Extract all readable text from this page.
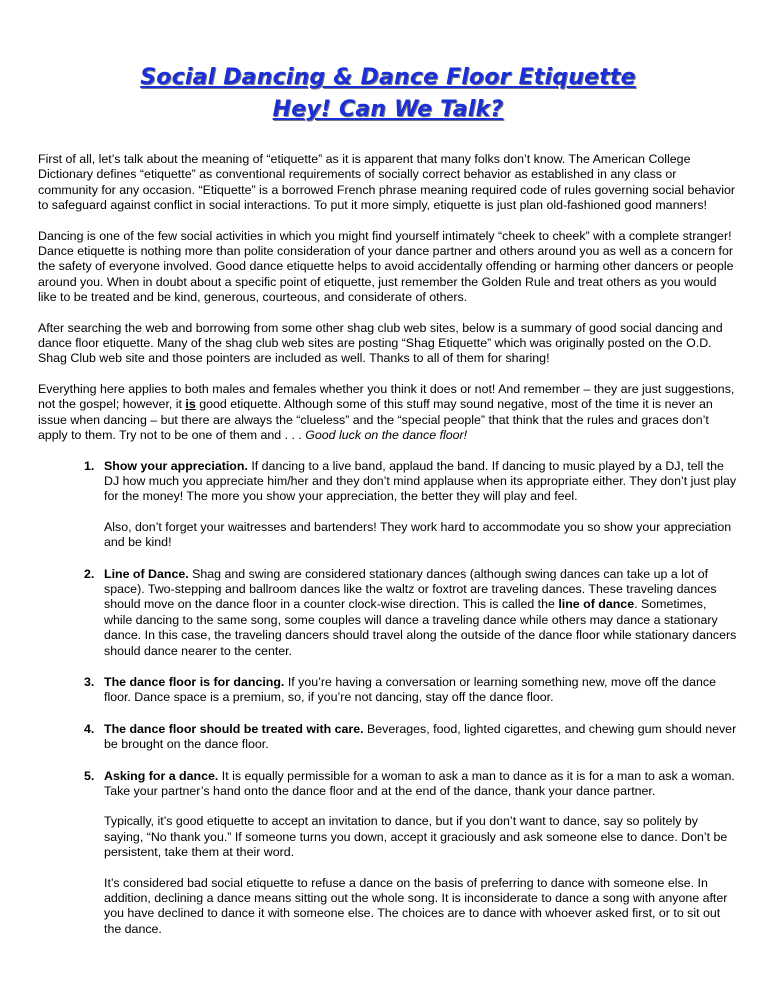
Social Dancing & Dance Floor Etiquette
Hey! Can We Talk?

First of all, let’s talk about the meaning of “etiquette” as it is apparent that many folks don’t know. The American College Dictionary defines “etiquette” as conventional requirements of socially correct behavior as established in any class or community for any occasion. “Etiquette” is a borrowed French phrase meaning required code of rules governing social behavior to safeguard against conflict in social interactions. To put it more simply, etiquette is just plan old-fashioned good manners!

Dancing is one of the few social activities in which you might find yourself intimately “cheek to cheek” with a complete stranger! Dance etiquette is nothing more than polite consideration of your dance partner and others around you as well as a concern for the safety of everyone involved. Good dance etiquette helps to avoid accidentally offending or harming other dancers or people around you. When in doubt about a specific point of etiquette, just remember the Golden Rule and treat others as you would like to be treated and be kind, generous, courteous, and considerate of others.

After searching the web and borrowing from some other shag club web sites, below is a summary of good social dancing and dance floor etiquette. Many of the shag club web sites are posting “Shag Etiquette” which was originally posted on the O.D. Shag Club web site and those pointers are included as well. Thanks to all of them for sharing!

Everything here applies to both males and females whether you think it does or not! And remember – they are just suggestions, not the gospel; however, it is good etiquette. Although some of this stuff may sound negative, most of the time it is never an issue when dancing – but there are always the “clueless” and the “special people” that think that the rules and graces don’t apply to them. Try not to be one of them and . . . Good luck on the dance floor!

1. Show your appreciation. If dancing to a live band, applaud the band. If dancing to music played by a DJ, tell the DJ how much you appreciate him/her and they don’t mind applause when its appropriate either. They don’t just play for the money! The more you show your appreciation, the better they will play and feel.

Also, don’t forget your waitresses and bartenders! They work hard to accommodate you so show your appreciation and be kind!

2. Line of Dance. Shag and swing are considered stationary dances (although swing dances can take up a lot of space). Two-stepping and ballroom dances like the waltz or foxtrot are traveling dances. These traveling dances should move on the dance floor in a counter clock-wise direction. This is called the line of dance. Sometimes, while dancing to the same song, some couples will dance a traveling dance while others may dance a stationary dance. In this case, the traveling dancers should travel along the outside of the dance floor while stationary dancers should dance nearer to the center.

3. The dance floor is for dancing. If you’re having a conversation or learning something new, move off the dance floor. Dance space is a premium, so, if you’re not dancing, stay off the dance floor.

4. The dance floor should be treated with care. Beverages, food, lighted cigarettes, and chewing gum should never be brought on the dance floor.

5. Asking for a dance. It is equally permissible for a woman to ask a man to dance as it is for a man to ask a woman. Take your partner’s hand onto the dance floor and at the end of the dance, thank your dance partner.

Typically, it’s good etiquette to accept an invitation to dance, but if you don’t want to dance, say so politely by saying, “No thank you.” If someone turns you down, accept it graciously and ask someone else to dance. Don’t be persistent, take them at their word.

It’s considered bad social etiquette to refuse a dance on the basis of preferring to dance with someone else. In addition, declining a dance means sitting out the whole song. It is inconsiderate to dance a song with anyone after you have declined to dance it with someone else. The choices are to dance with whoever asked first, or to sit out the dance.
